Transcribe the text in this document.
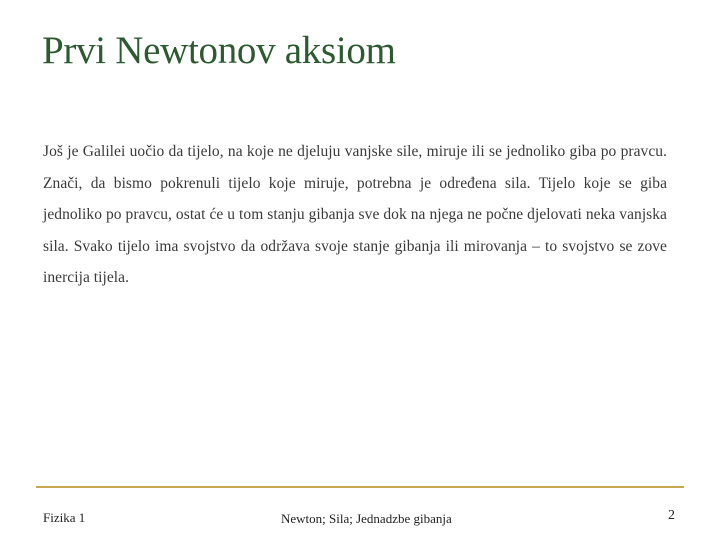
Prvi Newtonov aksiom
Još je Galilei uočio da tijelo, na koje ne djeluju vanjske sile, miruje ili se jednoliko giba po pravcu. Znači, da bismo pokrenuli tijelo koje miruje, potrebna je određena sila. Tijelo koje se giba jednoliko po pravcu, ostat će u tom stanju gibanja sve dok na njega ne počne djelovati neka vanjska sila. Svako tijelo ima svojstvo da održava svoje stanje gibanja ili mirovanja – to svojstvo se zove inercija tijela.
Fizika 1	Newton; Sila; Jednadzbe gibanja	2
